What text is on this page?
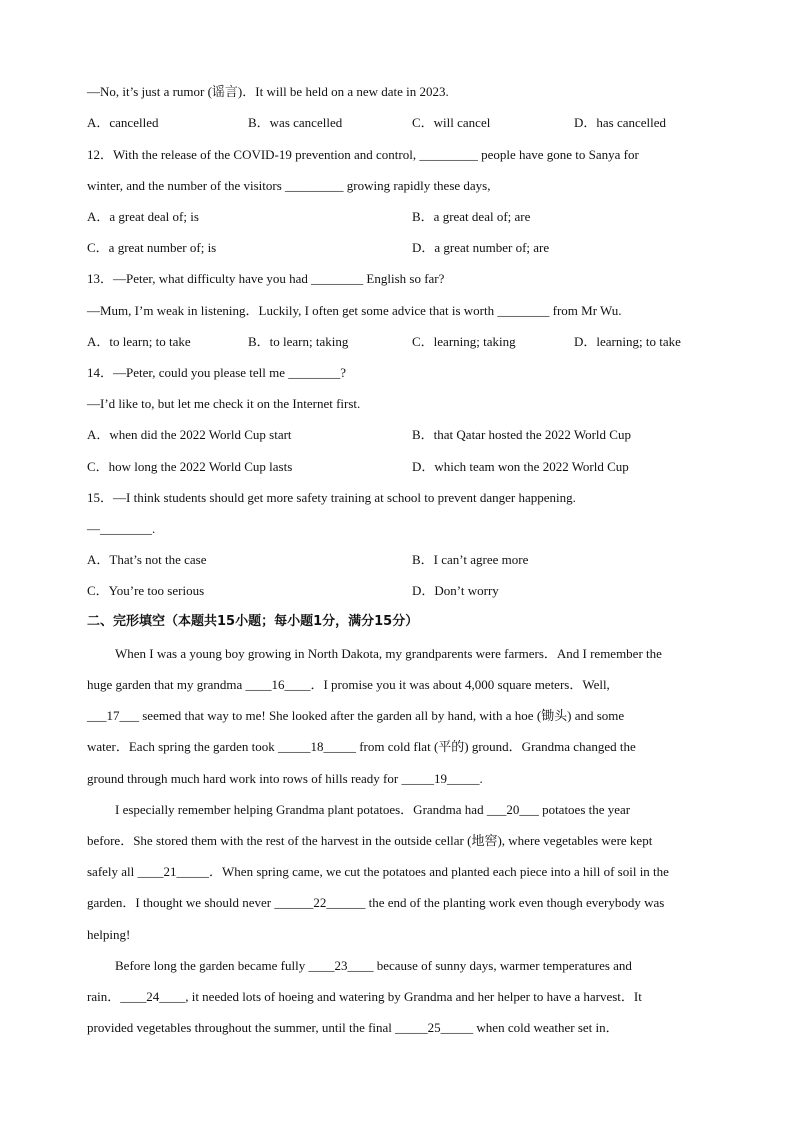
—No, it’s just a rumor (谣言)．It will be held on a new date in 2023.
A．cancelled	B．was cancelled	C．will cancel	D．has cancelled
12．With the release of the COVID-19 prevention and control, _________ people have gone to Sanya for
winter, and the number of the visitors _________ growing rapidly these days,
A．a great deal of; is	B．a great deal of; are
C．a great number of; is	D．a great number of; are
13．—Peter, what difficulty have you had ________ English so far?
—Mum, I’m weak in listening．Luckily, I often get some advice that is worth ________ from Mr Wu.
A．to learn; to take	B．to learn; taking	C．learning; taking	D．learning; to take
14．—Peter, could you please tell me ________?
—I’d like to, but let me check it on the Internet first.
A．when did the 2022 World Cup start	B．that Qatar hosted the 2022 World Cup
C．how long the 2022 World Cup lasts	D．which team won the 2022 World Cup
15．—I think students should get more safety training at school to prevent danger happening.
—________.
A．That’s not the case	B．I can’t agree more
C．You’re too serious	D．Don’t worry
二、完形填空（本题共15小题；每小题1分，满分15分）
When I was a young boy growing in North Dakota, my grandparents were farmers．And I remember the
huge garden that my grandma ____16____．I promise you it was about 4,000 square meters．Well,
___17___ seemed that way to me! She looked after the garden all by hand, with a hoe (锄头) and some
water．Each spring the garden took _____18_____ from cold flat (平的) ground．Grandma changed the
ground through much hard work into rows of hills ready for _____19_____.
I especially remember helping Grandma plant potatoes．Grandma had ___20___ potatoes the year
before．She stored them with the rest of the harvest in the outside cellar (地窖), where vegetables were kept
safely all ____21_____．When spring came, we cut the potatoes and planted each piece into a hill of soil in the
garden．I thought we should never ______22______ the end of the planting work even though everybody was
helping!
Before long the garden became fully ____23____ because of sunny days, warmer temperatures and
rain．____24____, it needed lots of hoeing and watering by Grandma and her helper to have a harvest．It
provided vegetables throughout the summer, until the final _____25_____ when cold weather set in．
